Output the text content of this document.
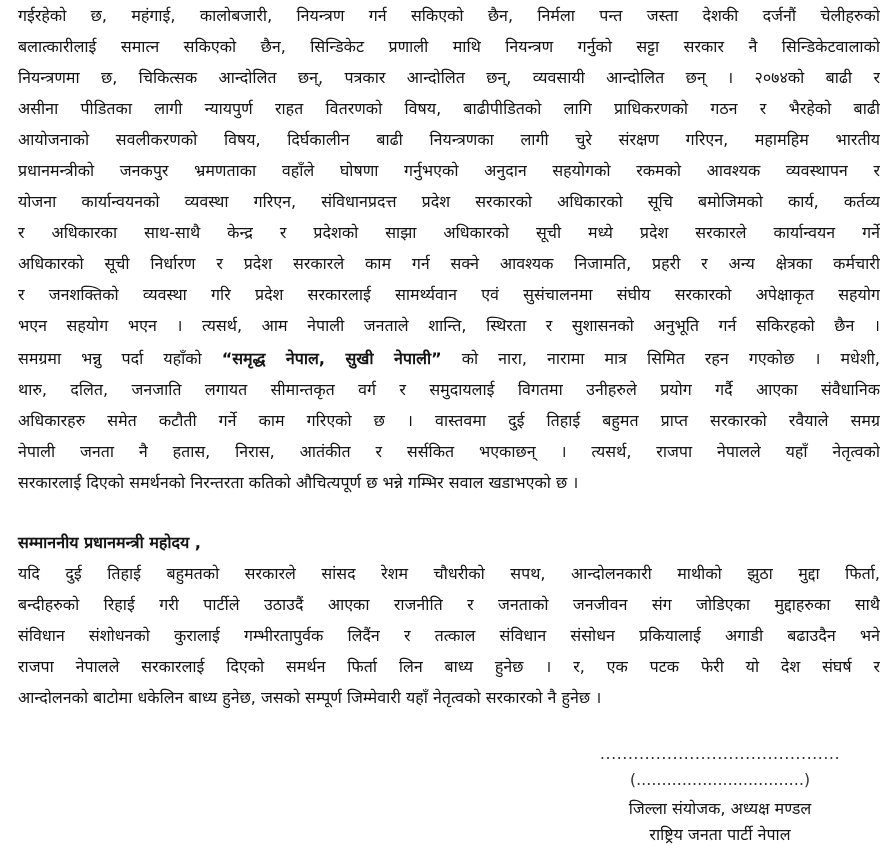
गईरहेको छ, महंगाई, कालोबजारी, नियन्त्रण गर्न सकिएको छैन, निर्मला पन्त जस्ता देशकी दर्जनौं चेलीहरुको
बलात्कारीलाई समात्न सकिएको छैन, सिन्डिकेट प्रणाली माथि नियन्त्रण गर्नुको सट्टा सरकार नै सिन्डिकेटवालाको
नियन्त्रणमा छ, चिकित्सक आन्दोलित छन्, पत्रकार आन्दोलित छन्, व्यवसायी आन्दोलित छन् । २०७४को बाढी र
असीना पीडितका लागी न्यायपुर्ण राहत वितरणको विषय, बाढीपीडितको लागि प्राधिकरणको गठन र भैरहेको बाढी
आयोजनाको सवलीकरणको विषय, दिर्घकालीन बाढी नियन्त्रणका लागी चुरे संरक्षण गरिएन, महामहिम भारतीय
प्रधानमन्त्रीको जनकपुर भ्रमणताका वहाँले घोषणा गर्नुभएको अनुदान सहयोगको रकमको आवश्यक व्यवस्थापन र
योजना कार्यान्वयनको व्यवस्था गरिएन, संविधानप्रदत्त प्रदेश सरकारको अधिकारको सूचि बमोजिमको कार्य, कर्तव्य
र अधिकारका साथ-साथै केन्द्र र प्रदेशको साझा अधिकारको सूची मध्ये प्रदेश सरकारले कार्यान्वयन गर्ने
अधिकारको सूची निर्धारण र प्रदेश सरकारले काम गर्न सक्ने आवश्यक निजामति, प्रहरी र अन्य क्षेत्रका कर्मचारी
र जनशक्तिको व्यवस्था गरि प्रदेश सरकारलाई सामर्थ्यवान एवं सुसंचालनमा संघीय सरकारको अपेक्षाकृत सहयोग
भएन सहयोग भएन । त्यसर्थ, आम नेपाली जनताले शान्ति, स्थिरता र सुशासनको अनुभूति गर्न सकिरहको छैन ।
समग्रमा भन्नु पर्दा यहाँको “समृद्ध नेपाल, सुखी नेपाली” को नारा, नारामा मात्र सिमित रहन गएकोछ । मधेशी,
थारु, दलित, जनजाति लगायत सीमान्तकृत वर्ग र समुदायलाई विगतमा उनीहरुले प्रयोग गर्दै आएका संवैधानिक
अधिकारहरु समेत कटौती गर्ने काम गरिएको छ । वास्तवमा दुई तिहाई बहुमत प्राप्त सरकारको रवैयाले समग्र
नेपाली जनता नै हतास, निरास, आतंकीत र सर्सकित भएकाछन् । त्यसर्थ, राजपा नेपालले यहाँ नेतृत्वको
सरकारलाई दिएको समर्थनको निरन्तरता कतिको औचित्यपूर्ण छ भन्ने गम्भिर सवाल खडाभएको छ ।
सम्माननीय प्रधानमन्त्री महोदय ,
यदि दुई तिहाई बहुमतको सरकारले सांसद रेशम चौधरीको सपथ, आन्दोलनकारी माथीको झुठा मुद्दा फिर्ता,
बन्दीहरुको रिहाई गरी पार्टीले उठाउदैं आएका राजनीति र जनताको जनजीवन संग जोडिएका मुद्दाहरुका साथै
संविधान संशोधनको कुरालाई गम्भीरतापुर्वक लिदैंन र तत्काल संविधान संसोधन प्रकियालाई अगाडी बढाउदैन भने
राजपा नेपालले सरकारलाई दिएको समर्थन फिर्ता लिन बाध्य हुनेछ । र, एक पटक फेरी यो देश संघर्ष र
आन्दोलनको बाटोमा धकेलिन बाध्य हुनेछ, जसको सम्पूर्ण जिम्मेवारी यहाँ नेतृत्वको सरकारको नै हुनेछ ।
...........................................
(.................................)
जिल्ला संयोजक, अध्यक्ष मण्डल
राष्ट्रिय जनता पार्टी नेपाल
